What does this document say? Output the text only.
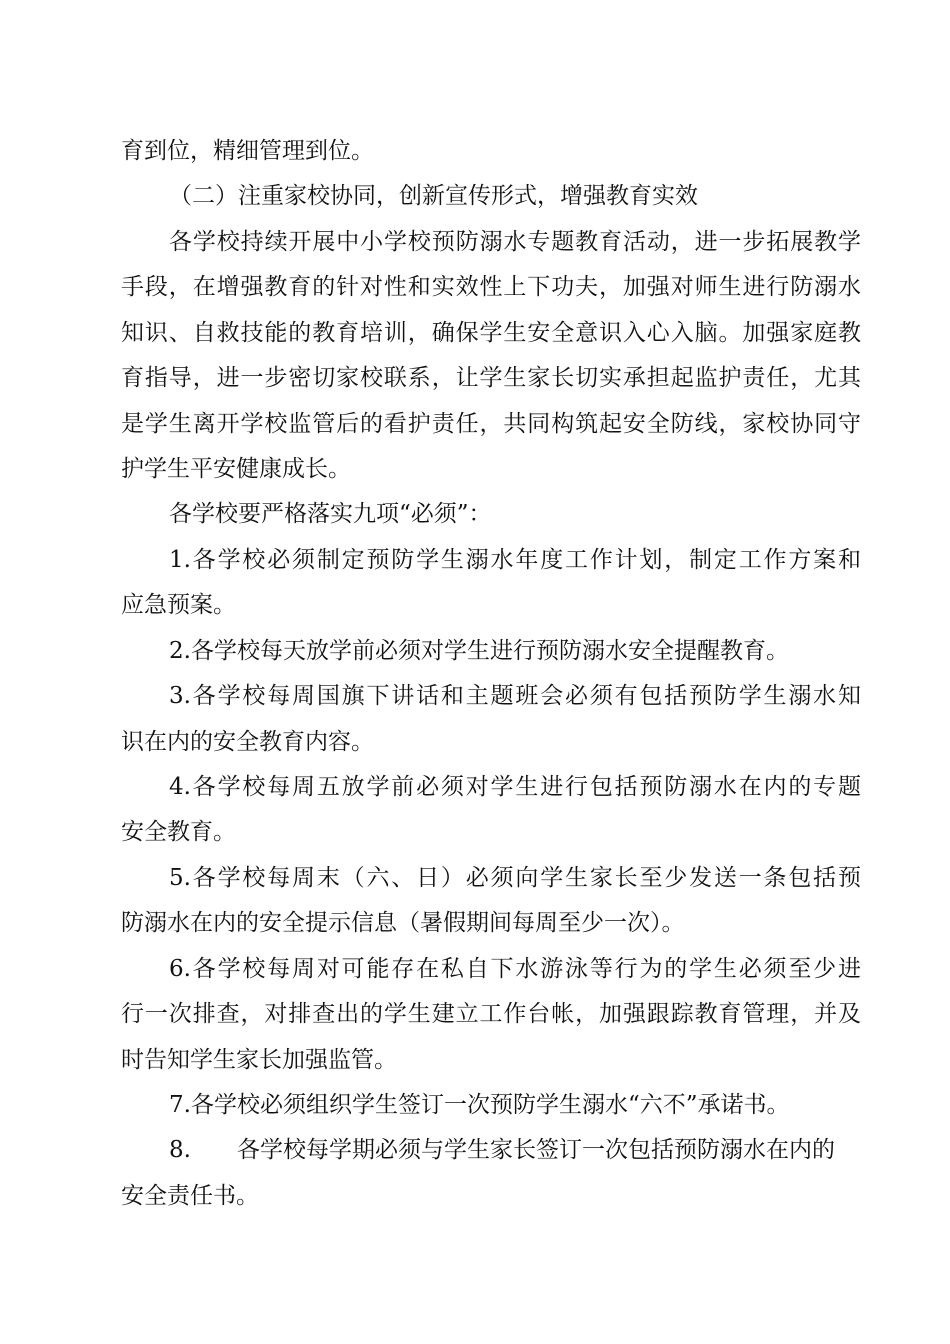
育到位，精细管理到位。
（二）注重家校协同，创新宣传形式，增强教育实效
各学校持续开展中小学校预防溺水专题教育活动，进一步拓展教学
手段，在增强教育的针对性和实效性上下功夫，加强对师生进行防溺水
知识、自救技能的教育培训，确保学生安全意识入心入脑。加强家庭教
育指导，进一步密切家校联系，让学生家长切实承担起监护责任，尤其
是学生离开学校监管后的看护责任，共同构筑起安全防线，家校协同守
护学生平安健康成长。
各学校要严格落实九项“必须”：
1.各学校必须制定预防学生溺水年度工作计划，制定工作方案和
应急预案。
2.各学校每天放学前必须对学生进行预防溺水安全提醒教育。
3.各学校每周国旗下讲话和主题班会必须有包括预防学生溺水知
识在内的安全教育内容。
4.各学校每周五放学前必须对学生进行包括预防溺水在内的专题
安全教育。
5.各学校每周末（六、日）必须向学生家长至少发送一条包括预
防溺水在内的安全提示信息（暑假期间每周至少一次）。
6.各学校每周对可能存在私自下水游泳等行为的学生必须至少进
行一次排查，对排查出的学生建立工作台帐，加强跟踪教育管理，并及
时告知学生家长加强监管。
7.各学校必须组织学生签订一次预防学生溺水“六不”承诺书。
8. 各学校每学期必须与学生家长签订一次包括预防溺水在内的
安全责任书。
